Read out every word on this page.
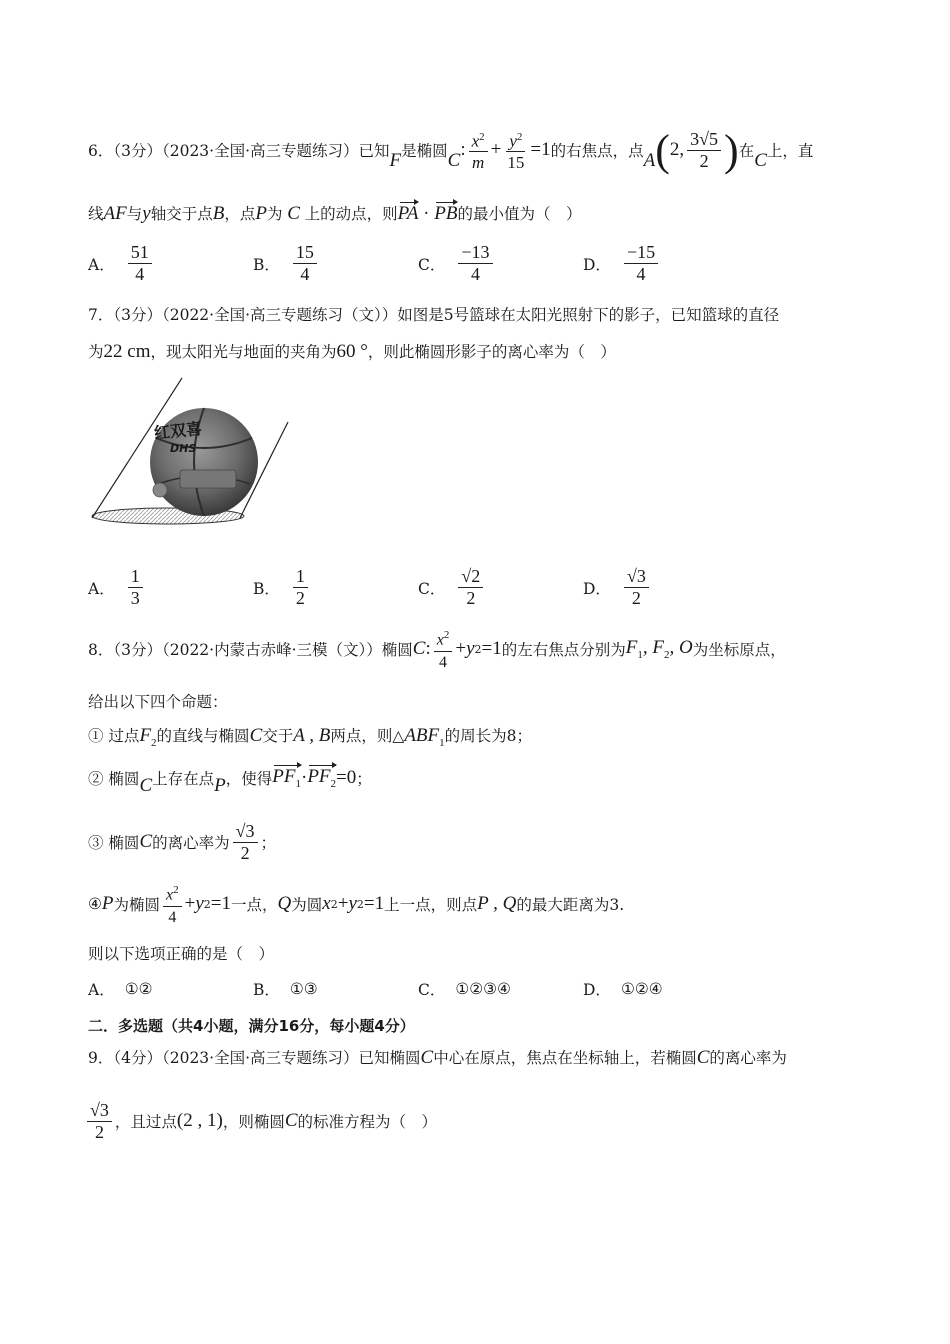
6．（3分）（2023·全国·高三专题练习）已知 F 是椭圆 C
: $\frac{x^2}{m} + \frac{y^2}{15} =1$ 的右焦点，点 A ( 2, $\frac{3√5}{2}$ ) 在 C 上，直
线AF与y轴交于点B，点P为 C 上的动点，则PA · PB的最小值为（　）
A． $\frac{51}{4}$	B． $\frac{15}{4}$	C． $\frac{-13}{4}$	D． $\frac{-15}{4}$
7．（3分）（2022·全国·高三专题练习（文））如图是5号篮球在太阳光照射下的影子，已知篮球的直径
为22 cm，现太阳光与地面的夹角为60 °，则此椭圆形影子的离心率为（　）
红双喜
DHS
A． $\frac{1}{3}$	B． $\frac{1}{2}$	C． $\frac{√2}{2}$	D． $\frac{√3}{2}$
8．（3分）（2022·内蒙古赤峰·三模（文））椭圆 C : $\frac{x^2}{4} + y$ 2 =1 的左右焦点分别为 $F_1$, $F_2$, O 为坐标原点，
给出以下四个命题：
① 过点$F_2$的直线与椭圆C交于A , B两点，则$\triangle ABF_1$的周长为8；
② 椭圆 C 上存在点 P ，使得 $PF_1 \cdot PF_2 =0$ ；
③ 椭圆 C 的离心率为 $\frac{√3}{2}$ ；
④ P 为椭圆 $\frac{x^2}{4} + y$ 2 =1 一点， Q 为圆 x 2 + y 2 =1 上一点，则点 P , Q 的最大距离为3.
则以下选项正确的是（　）
A． ①②	B． ①③	C． ①②③④	D． ①②④
二．多选题（共4小题，满分16分，每小题4分）
9．（4分）（2023·全国·高三专题练习）已知椭圆C中心在原点，焦点在坐标轴上，若椭圆C的离心率为
$\frac{√3}{2}$ ，且过点 (2 , 1) ，则椭圆 C 的标准方程为（　）
